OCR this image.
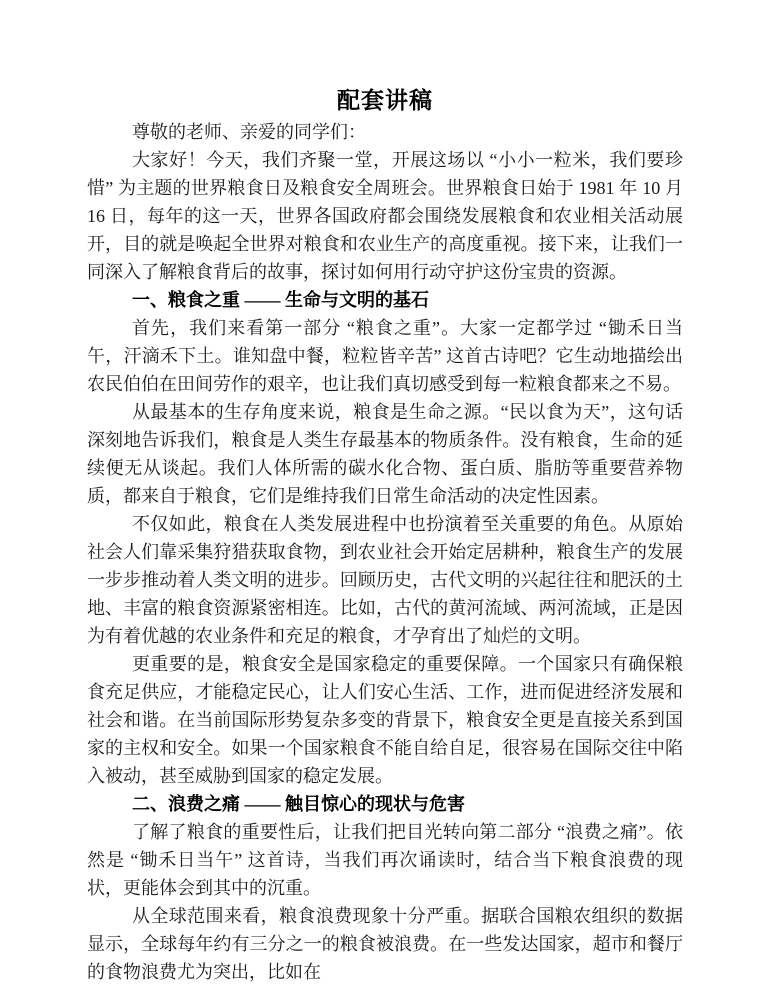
配套讲稿

尊敬的老师、亲爱的同学们：

大家好！今天，我们齐聚一堂，开展这场以 “小小一粒米，我们要珍惜” 为主题的世界粮食日及粮食安全周班会。世界粮食日始于 1981 年 10 月 16 日，每年的这一天，世界各国政府都会围绕发展粮食和农业相关活动展开，目的就是唤起全世界对粮食和农业生产的高度重视。接下来，让我们一同深入了解粮食背后的故事，探讨如何用行动守护这份宝贵的资源。

一、粮食之重 —— 生命与文明的基石

首先，我们来看第一部分 “粮食之重”。大家一定都学过 “锄禾日当午，汗滴禾下土。谁知盘中餐，粒粒皆辛苦” 这首古诗吧？它生动地描绘出农民伯伯在田间劳作的艰辛，也让我们真切感受到每一粒粮食都来之不易。

从最基本的生存角度来说，粮食是生命之源。“民以食为天”，这句话深刻地告诉我们，粮食是人类生存最基本的物质条件。没有粮食，生命的延续便无从谈起。我们人体所需的碳水化合物、蛋白质、脂肪等重要营养物质，都来自于粮食，它们是维持我们日常生命活动的决定性因素。

不仅如此，粮食在人类发展进程中也扮演着至关重要的角色。从原始社会人们靠采集狩猎获取食物，到农业社会开始定居耕种，粮食生产的发展一步步推动着人类文明的进步。回顾历史，古代文明的兴起往往和肥沃的土地、丰富的粮食资源紧密相连。比如，古代的黄河流域、两河流域，正是因为有着优越的农业条件和充足的粮食，才孕育出了灿烂的文明。

更重要的是，粮食安全是国家稳定的重要保障。一个国家只有确保粮食充足供应，才能稳定民心，让人们安心生活、工作，进而促进经济发展和社会和谐。在当前国际形势复杂多变的背景下，粮食安全更是直接关系到国家的主权和安全。如果一个国家粮食不能自给自足，很容易在国际交往中陷入被动，甚至威胁到国家的稳定发展。

二、浪费之痛 —— 触目惊心的现状与危害

了解了粮食的重要性后，让我们把目光转向第二部分 “浪费之痛”。依然是 “锄禾日当午” 这首诗，当我们再次诵读时，结合当下粮食浪费的现状，更能体会到其中的沉重。

从全球范围来看，粮食浪费现象十分严重。据联合国粮农组织的数据显示，全球每年约有三分之一的粮食被浪费。在一些发达国家，超市和餐厅的食物浪费尤为突出，比如在
